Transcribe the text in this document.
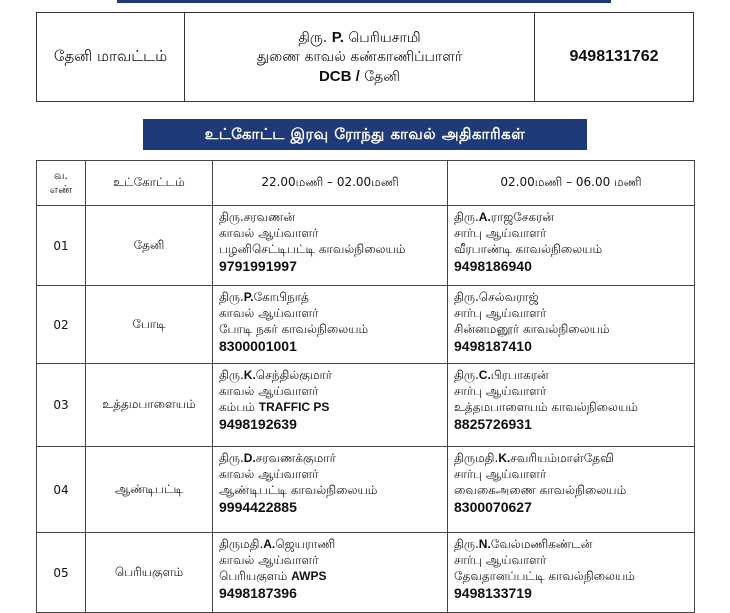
தேனி மாவட்டம்	
திரு. P. பெரியசாமி
துணை காவல் கண்காணிப்பாளர்
DCB / தேனி
	9498131762
உட்கோட்ட இரவு ரோந்து காவல் அதிகாரிகள்
வ.
எண்	உட்கோட்டம்	22.00மணி – 02.00மணி	02.00மணி – 06.00 மணி
01	தேனி	திரு.சரவணன்
காவல் ஆய்வாளர்
பழனிசெட்டிபட்டி காவல்நிலையம்
9791991997	திரு.A.ராஜசேகரன்
சார்பு ஆய்வாளர்
வீரபாண்டி காவல்நிலையம்
9498186940

02	போடி	திரு.P.கோபிநாத்
காவல் ஆய்வாளர்
போடி நகர் காவல்நிலையம்
8300001001	திரு.செல்வராஜ்
சார்பு ஆய்வாளர்
சின்னமனூர் காவல்நிலையம்
9498187410

03	உத்தமபாளையம்	திரு.K.செந்தில்குமார்
காவல் ஆய்வாளர்
கம்பம் TRAFFIC PS
9498192639	திரு.C.பிரபாகரன்
சார்பு ஆய்வாளர்
உத்தமபாளையம் காவல்நிலையம்
8825726931

04	ஆண்டிபட்டி	திரு.D.சரவணக்குமார்
காவல் ஆய்வாளர்
ஆண்டிபட்டி காவல்நிலையம்
9994422885	திருமதி.K.சவரியம்மாள்தேவி
சார்பு ஆய்வாளர்
வைகைஅணை காவல்நிலையம்
8300070627

05	பெரியகுளம்	திருமதி.A.ஜெயராணி
காவல் ஆய்வாளர்
பெரியகுளம் AWPS
9498187396	திரு.N.வேல்மணிகண்டன்
சார்பு ஆய்வாளர்
தேவதானப்பட்டி காவல்நிலையம்
9498133719
